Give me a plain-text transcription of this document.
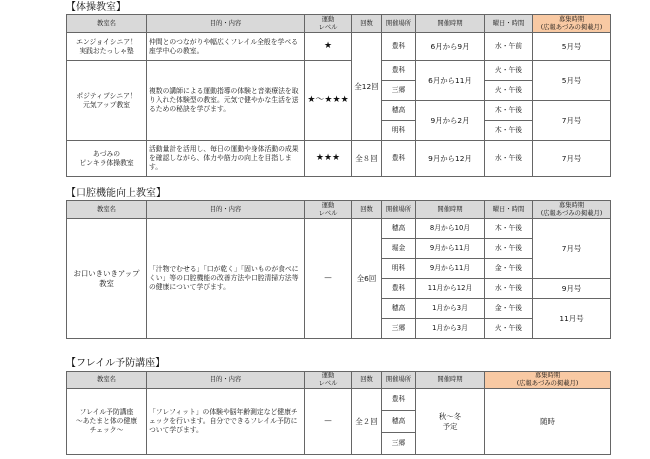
【体操教室】
教室名	目的・内容	運動
レベル	回数	開催場所	開催時期	曜日・時間	募集時期
(広報あづみの掲載月)
エンジョイシニア！
実践おたっしゃ塾	仲間とのつながりや幅広くフレイル全般を学べる座学中心の教室。	★	全12回	豊科	6月から9月	水・午前	5月号
ポジティブシニア！
元気アップ教室	複数の講師による運動指導の体験と音楽療法を取り入れた体験型の教室。元気で健やかな生活を送るための秘訣を学びます。	★～★★★		豊科	6月から11月	火・午後	5月号
				三郷		火・午後	
				穂高	9月から2月	木・午後	7月号
				明科		木・午後	
あづみの
ピンキラ体操教室	活動量計を活用し、毎日の運動や身体活動の成果を確認しながら、体力や筋力の向上を目指します。	★★★	全８回	豊科	9月から12月	水・午後	7月号
【口腔機能向上教室】
教室名	目的・内容	運動
レベル	回数	開催場所	開催時期	曜日・時間	募集時期
(広報あづみの掲載月)
お口いきいきアップ
教室	「汁物でむせる」「口が乾く」「固いものが食べにくい」等の口腔機能の改善方法や口腔清掃方法等の健康について学びます。	―	全6回	穂高	8月から10月	木・午後	7月号
				堀金	9月から11月	水・午後	
				明科	9月から11月	金・午後	
				豊科	11月から12月	水・午後	9月号
				穂高	1月から3月	金・午後	11月号
				三郷	1月から3月	火・午後	
【フレイル予防講座】
教室名	目的・内容	運動
レベル	回数	開催場所	開催時期	募集時期
(広報あづみの掲載月)
フレイル予防講座
～あたまと体の健康
チェック～	「フレフィット」の体験や脳年齢測定など健康チェックを行います。自分でできるフレイル予防について学びます。	―	全２回	豊科	秋～冬
予定	随時
				穂高		
				三郷		
